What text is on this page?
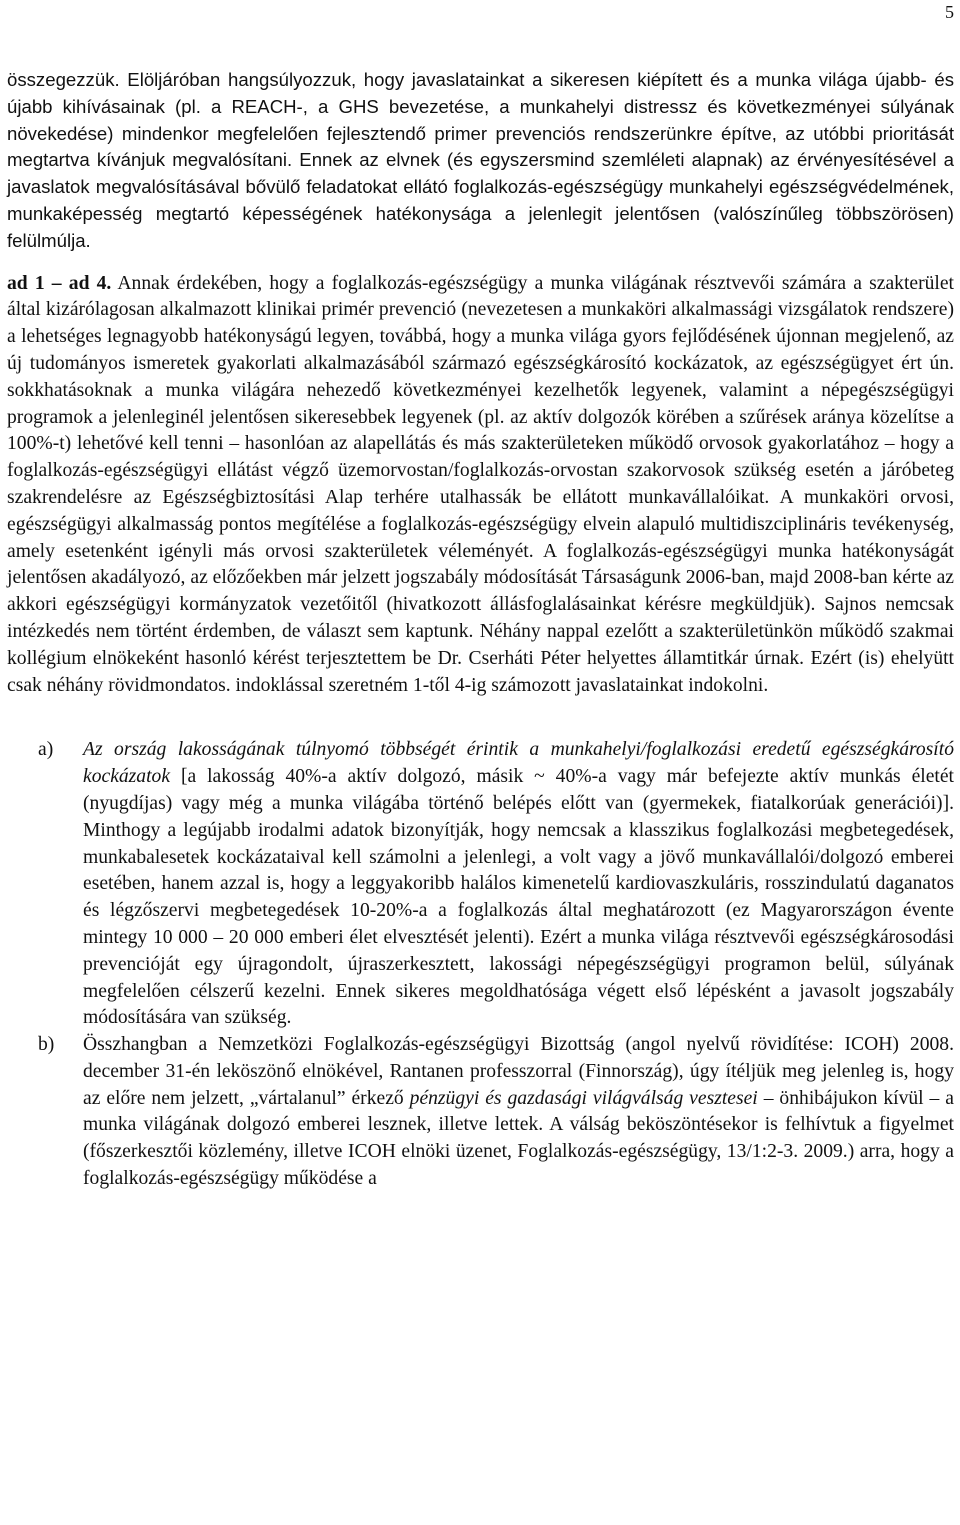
5

összegezzük. Elöljáróban hangsúlyozzuk, hogy javaslatainkat a sikeresen kiépített és a munka világa újabb- és újabb kihívásainak (pl. a REACH-, a GHS bevezetése, a munkahelyi distressz és következményei súlyának növekedése) mindenkor megfelelően fejlesztendő primer prevenciós rendszerünkre építve, az utóbbi prioritását megtartva kívánjuk megvalósítani. Ennek az elvnek (és egyszersmind szemléleti alapnak) az érvényesítésével a javaslatok megvalósításával bővülő feladatokat ellátó foglalkozás-egészségügy munkahelyi egészségvédelmének, munkaképesség megtartó képességének hatékonysága a jelenlegit jelentősen (valószínűleg többszörösen) felülmúlja.

ad 1 – ad 4. Annak érdekében, hogy a foglalkozás-egészségügy a munka világának résztvevői számára a szakterület által kizárólagosan alkalmazott klinikai primér prevenció (nevezetesen a munkaköri alkalmassági vizsgálatok rendszere) a lehetséges legnagyobb hatékonyságú legyen, továbbá, hogy a munka világa gyors fejlődésének újonnan megjelenő, az új tudományos ismeretek gyakorlati alkalmazásából származó egészségkárosító kockázatok, az egészségügyet ért ún. sokkhatásoknak a munka világára nehezedő következményei kezelhetők legyenek, valamint a népegészségügyi programok a jelenleginél jelentősen sikeresebbek legyenek (pl. az aktív dolgozók körében a szűrések aránya közelítse a 100%-t) lehetővé kell tenni – hasonlóan az alapellátás és más szakterületeken működő orvosok gyakorlatához – hogy a foglalkozás-egészségügyi ellátást végző üzemorvostan/foglalkozás-orvostan szakorvosok szükség esetén a járóbeteg szakrendelésre az Egészségbiztosítási Alap terhére utalhassák be ellátott munkavállalóikat. A munkaköri orvosi, egészségügyi alkalmasság pontos megítélése a foglalkozás-egészségügy elvein alapuló multidiszciplináris tevékenység, amely esetenként igényli más orvosi szakterületek véleményét. A foglalkozás-egészségügyi munka hatékonyságát jelentősen akadályozó, az előzőekben már jelzett jogszabály módosítását Társaságunk 2006-ban, majd 2008-ban kérte az akkori egészségügyi kormányzatok vezetőitől (hivatkozott állásfoglalásainkat kérésre megküldjük). Sajnos nemcsak intézkedés nem történt érdemben, de választ sem kaptunk. Néhány nappal ezelőtt a szakterületünkön működő szakmai kollégium elnökeként hasonló kérést terjesztettem be Dr. Cserháti Péter helyettes államtitkár úrnak. Ezért (is) ehelyütt csak néhány rövidmondatos. indoklással szeretném 1-től 4-ig számozott javaslatainkat indokolni.

a) Az ország lakosságának túlnyomó többségét érintik a munkahelyi/foglalkozási eredetű egészségkárosító kockázatok [a lakosság 40%-a aktív dolgozó, másik ~ 40%-a vagy már befejezte aktív munkás életét (nyugdíjas) vagy még a munka világába történő belépés előtt van (gyermekek, fiatalkorúak generációi)]. Minthogy a legújabb irodalmi adatok bizonyítják, hogy nemcsak a klasszikus foglalkozási megbetegedések, munkabalesetek kockázataival kell számolni a jelenlegi, a volt vagy a jövő munkavállalói/dolgozó emberei esetében, hanem azzal is, hogy a leggyakoribb halálos kimenetelű kardiovaszkuláris, rosszindulatú daganatos és légzőszervi megbetegedések 10-20%-a a foglalkozás által meghatározott (ez Magyarországon évente mintegy 10 000 – 20 000 emberi élet elvesztését jelenti). Ezért a munka világa résztvevői egészségkárosodási prevencióját egy újragondolt, újraszerkesztett, lakossági népegészségügyi programon belül, súlyának megfelelően célszerű kezelni. Ennek sikeres megoldhatósága végett első lépésként a javasolt jogszabály módosítására van szükség.

b) Összhangban a Nemzetközi Foglalkozás-egészségügyi Bizottság (angol nyelvű rövidítése: ICOH) 2008. december 31-én leköszönő elnökével, Rantanen professzorral (Finnország), úgy ítéljük meg jelenleg is, hogy az előre nem jelzett, „vártalanul” érkező pénzügyi és gazdasági világválság vesztesei – önhibájukon kívül – a munka világának dolgozó emberei lesznek, illetve lettek. A válság beköszöntésekor is felhívtuk a figyelmet (főszerkesztői közlemény, illetve ICOH elnöki üzenet, Foglalkozás-egészségügy, 13/1:2-3. 2009.) arra, hogy a foglalkozás-egészségügy működése a
